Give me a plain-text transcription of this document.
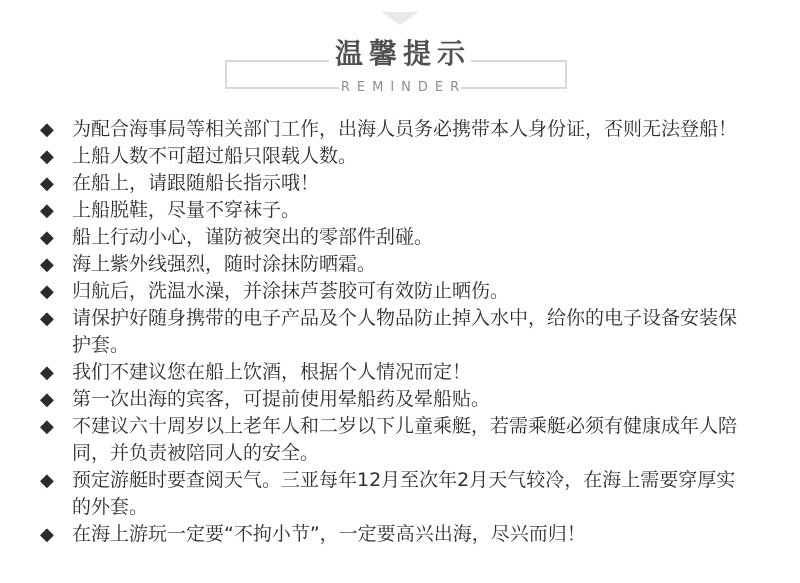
温馨提示
REMINDER
◆ 为配合海事局等相关部门工作，出海人员务必携带本人身份证，否则无法登船！
◆ 上船人数不可超过船只限载人数。
◆ 在船上，请跟随船长指示哦！
◆ 上船脱鞋，尽量不穿袜子。
◆ 船上行动小心，谨防被突出的零部件刮碰。
◆ 海上紫外线强烈，随时涂抹防晒霜。
◆ 归航后，洗温水澡，并涂抹芦荟胶可有效防止晒伤。
◆ 请保护好随身携带的电子产品及个人物品防止掉入水中，给你的电子设备安装保
护套。
◆ 我们不建议您在船上饮酒，根据个人情况而定！
◆ 第一次出海的宾客，可提前使用晕船药及晕船贴。
◆ 不建议六十周岁以上老年人和二岁以下儿童乘艇，若需乘艇必须有健康成年人陪
同，并负责被陪同人的安全。
◆ 预定游艇时要查阅天气。三亚每年12月至次年2月天气较冷，在海上需要穿厚实
的外套。
◆ 在海上游玩一定要“不拘小节”，一定要高兴出海，尽兴而归！
